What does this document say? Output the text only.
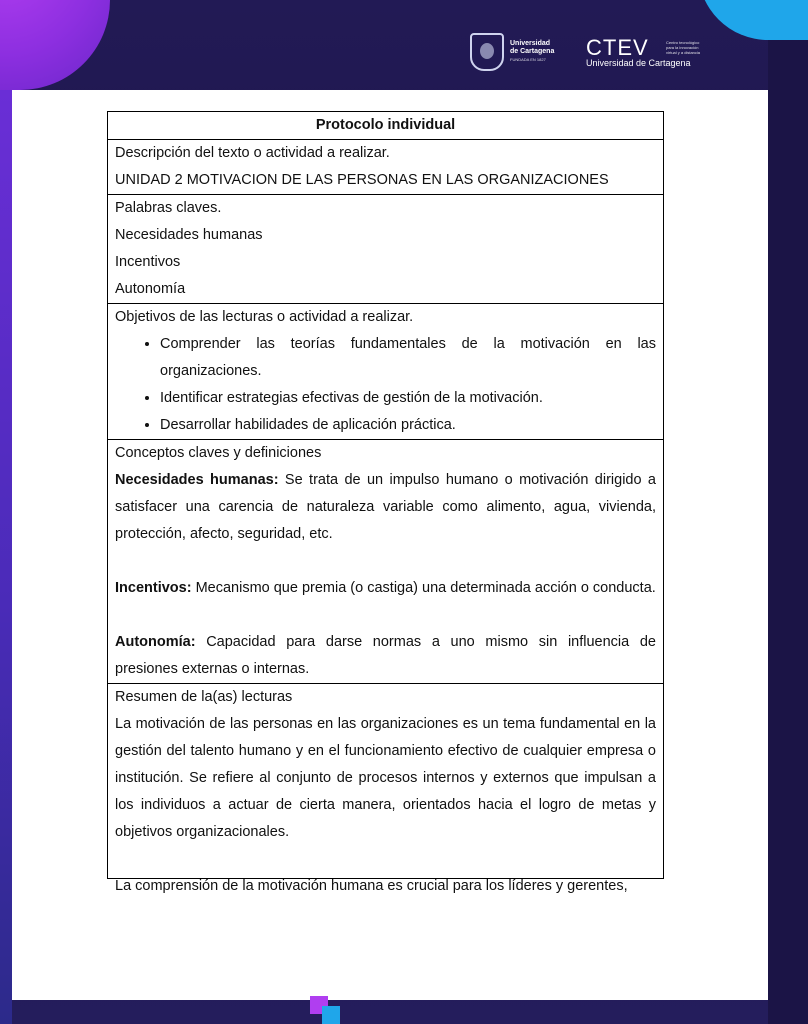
Universidad
de Cartagena
FUNDADA EN 1827	CTEV
Universidad de Cartagena
Centro tecnológico para la innovación virtual y a distancia
Protocolo individual

Descripción del texto o actividad a realizar.
UNIDAD 2 MOTIVACION DE LAS PERSONAS EN LAS ORGANIZACIONES

Palabras claves.
Necesidades humanas
Incentivos
Autonomía

Objetivos de las lecturas o actividad a realizar.
• Comprender las teorías fundamentales de la motivación en las organizaciones.
• Identificar estrategias efectivas de gestión de la motivación.
• Desarrollar habilidades de aplicación práctica.

Conceptos claves y definiciones
Necesidades humanas: Se trata de un impulso humano o motivación dirigido a satisfacer una carencia de naturaleza variable como alimento, agua, vivienda, protección, afecto, seguridad, etc.
Incentivos: Mecanismo que premia (o castiga) una determinada acción o conducta.
Autonomía: Capacidad para darse normas a uno mismo sin influencia de presiones externas o internas.

Resumen de la(as) lecturas
La motivación de las personas en las organizaciones es un tema fundamental en la gestión del talento humano y en el funcionamiento efectivo de cualquier empresa o institución. Se refiere al conjunto de procesos internos y externos que impulsan a los individuos a actuar de cierta manera, orientados hacia el logro de metas y objetivos organizacionales.
La comprensión de la motivación humana es crucial para los líderes y gerentes,
